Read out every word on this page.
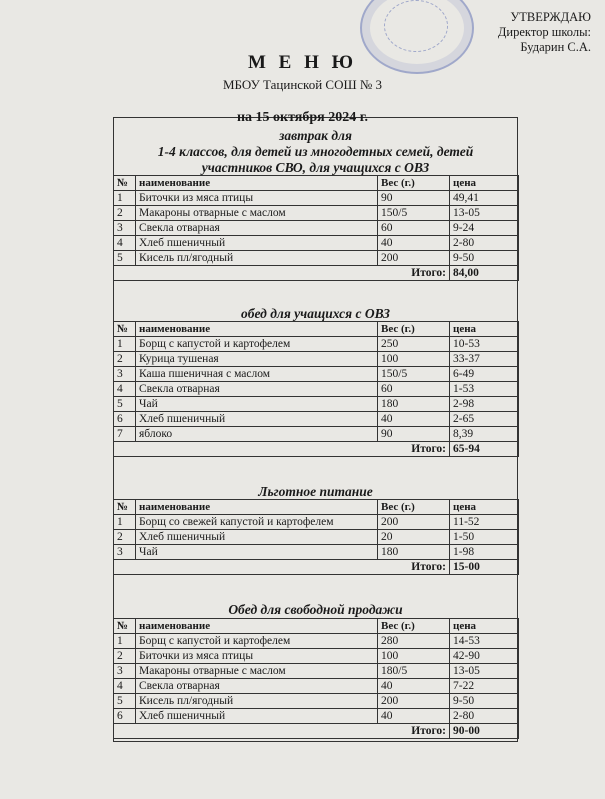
УТВЕРЖДАЮ
Директор школы:
Бударин С.А.
М Е Н Ю
МБОУ Тацинской СОШ № 3
на 15 октября 2024 г.
завтрак для
1-4 классов, для детей из многодетных семей, детей
участников СВО, для учащихся с ОВЗ
№	наименование	Вес (г.)	цена
1	Биточки из мяса птицы	90	49,41
2	Макароны отварные с маслом	150/5	13-05
3	Свекла отварная	60	9-24
4	Хлеб пшеничный	40	2-80
5	Кисель пл/ягодный	200	9-50
Итого:			84,00
обед для учащихся с ОВЗ
№	наименование	Вес (г.)	цена
1	Борщ с капустой и картофелем	250	10-53
2	Курица тушеная	100	33-37
3	Каша пшеничная с маслом	150/5	6-49
4	Свекла отварная	60	1-53
5	Чай	180	2-98
6	Хлеб пшеничный	40	2-65
7	яблоко	90	8,39
Итого:			65-94
Льготное питание
№	наименование	Вес (г.)	цена
1	Борщ со свежей капустой и картофелем	200	11-52
2	Хлеб пшеничный	20	1-50
3	Чай	180	1-98
Итого:			15-00
Обед для свободной продажи
№	наименование	Вес (г.)	цена
1	Борщ с капустой и картофелем	280	14-53
2	Биточки из мяса птицы	100	42-90
3	Макароны отварные с маслом	180/5	13-05
4	Свекла отварная	40	7-22
5	Кисель пл/ягодный	200	9-50
6	Хлеб пшеничный	40	2-80
Итого:			90-00
